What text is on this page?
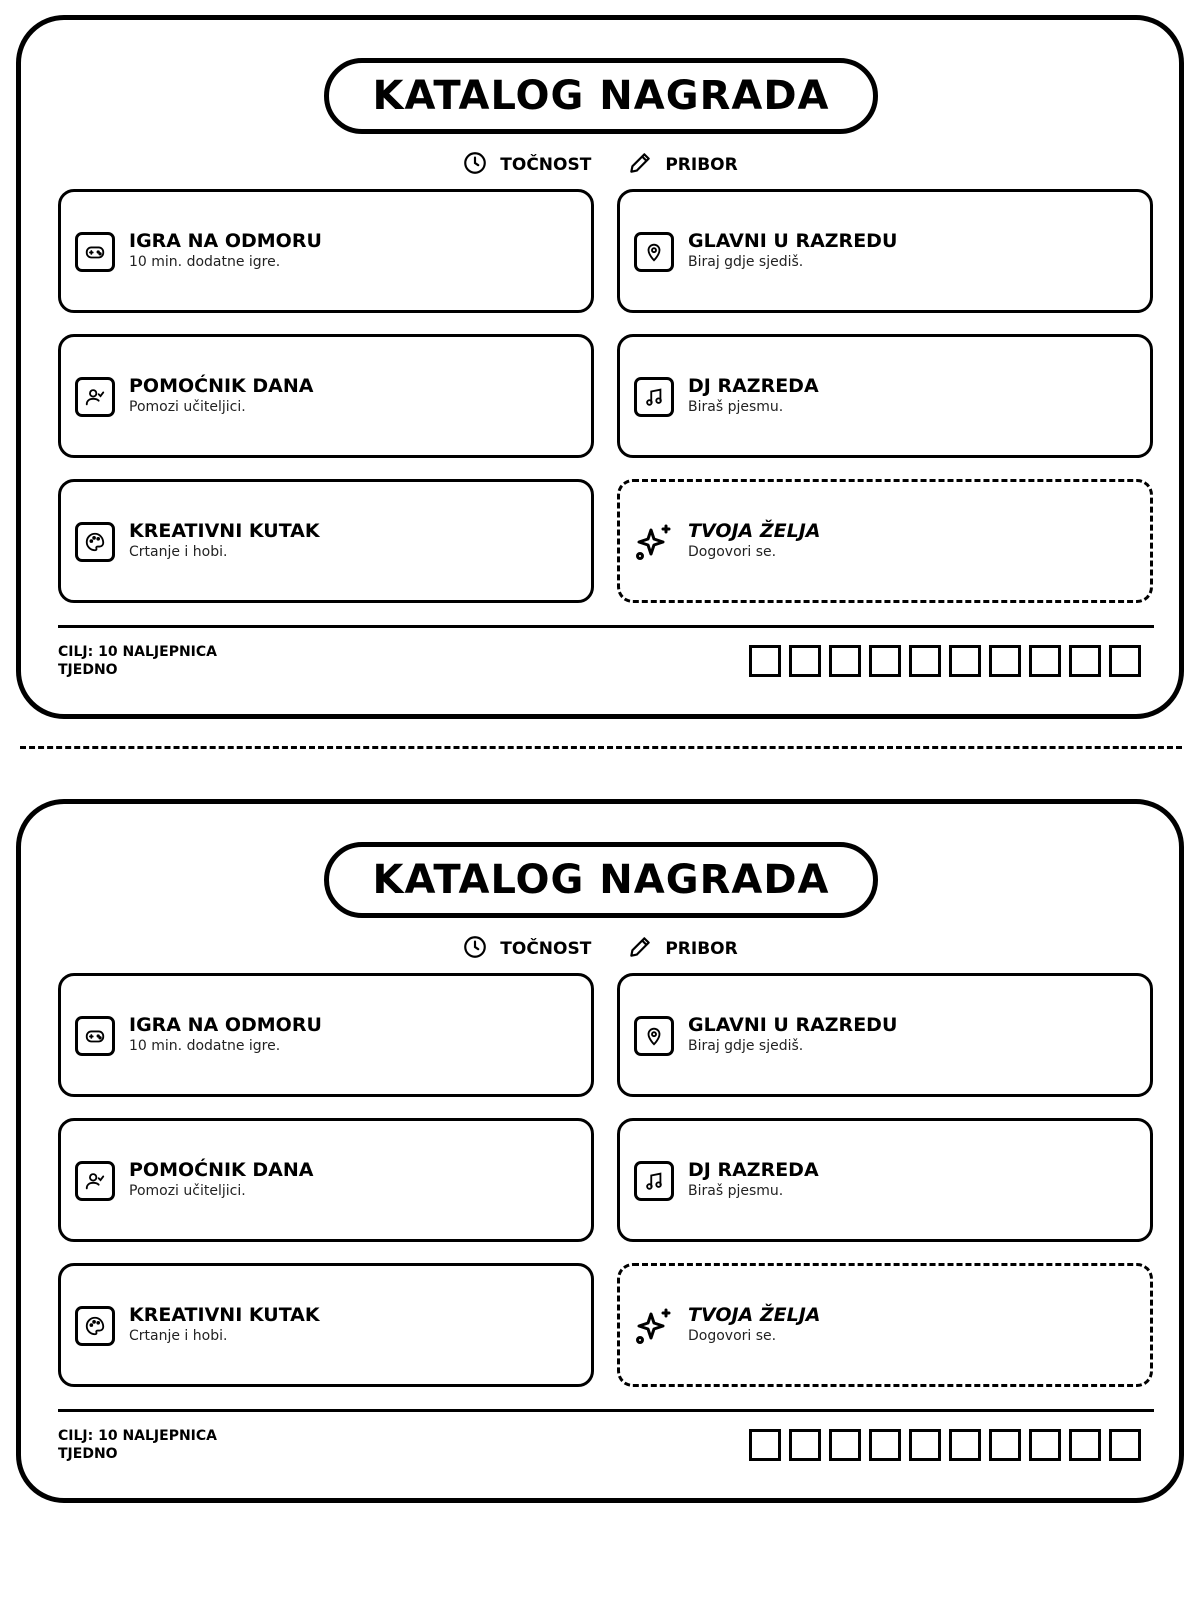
KATALOG NAGRADA
TOČNOST	PRIBOR
IGRA NA ODMORU
10 min. dodatne igre.
GLAVNI U RAZREDU
Biraj gdje sjediš.
POMOĆNIK DANA
Pomozi učiteljici.
DJ RAZREDA
Biraš pjesmu.
KREATIVNI KUTAK
Crtanje i hobi.
TVOJA ŽELJA
Dogovori se.
CILJ: 10 NALJEPNICA TJEDNO
KATALOG NAGRADA
TOČNOST	PRIBOR
IGRA NA ODMORU
10 min. dodatne igre.
GLAVNI U RAZREDU
Biraj gdje sjediš.
POMOĆNIK DANA
Pomozi učiteljici.
DJ RAZREDA
Biraš pjesmu.
KREATIVNI KUTAK
Crtanje i hobi.
TVOJA ŽELJA
Dogovori se.
CILJ: 10 NALJEPNICA TJEDNO
